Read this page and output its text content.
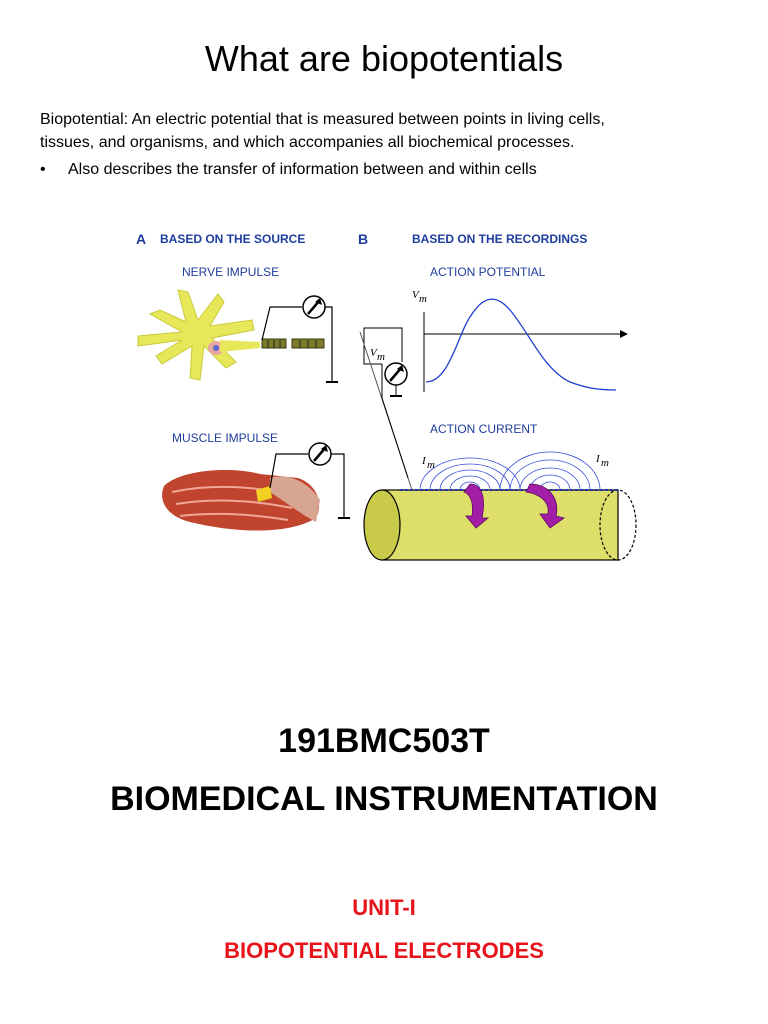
What are biopotentials
Biopotential: An electric potential that is measured between points in living cells,
tissues, and organisms, and which accompanies all biochemical processes.
• Also describes the transfer of information between and within cells
A BASED ON THE SOURCE	B	BASED ON THE RECORDINGS
NERVE IMPULSE	ACTION POTENTIAL
MUSCLE IMPULSE
V m
V m
ACTION CURRENT
I m	I m
191BMC503T
BIOMEDICAL INSTRUMENTATION
UNIT-I
BIOPOTENTIAL ELECTRODES
